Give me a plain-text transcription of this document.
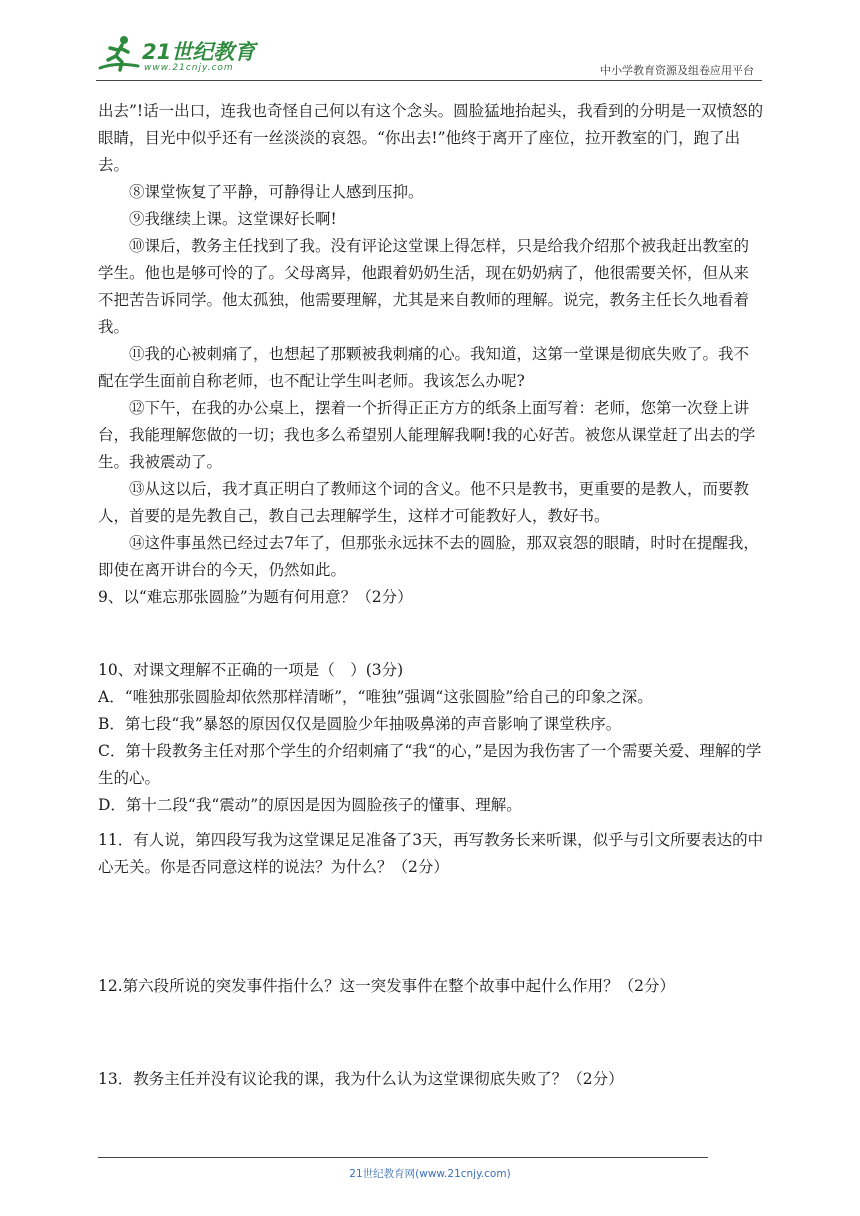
21世纪教育
www.21cnjy.com	中小学教育资源及组卷应用平台

出去”!话一出口，连我也奇怪自己何以有这个念头。圆脸猛地抬起头，我看到的分明是一双愤怒的眼睛，目光中似乎还有一丝淡淡的哀怨。“你出去!”他终于离开了座位，拉开教室的门，跑了出去。

⑧课堂恢复了平静，可静得让人感到压抑。

⑨我继续上课。这堂课好长啊!

⑩课后，教务主任找到了我。没有评论这堂课上得怎样，只是给我介绍那个被我赶出教室的学生。他也是够可怜的了。父母离异，他跟着奶奶生活，现在奶奶病了，他很需要关怀，但从来不把苦告诉同学。他太孤独，他需要理解，尤其是来自教师的理解。说完，教务主任长久地看着我。

⑪我的心被刺痛了，也想起了那颗被我刺痛的心。我知道，这第一堂课是彻底失败了。我不配在学生面前自称老师，也不配让学生叫老师。我该怎么办呢?

⑫下午，在我的办公桌上，摆着一个折得正正方方的纸条上面写着：老师，您第一次登上讲台，我能理解您做的一切；我也多么希望别人能理解我啊!我的心好苦。被您从课堂赶了出去的学生。我被震动了。

⑬从这以后，我才真正明白了教师这个词的含义。他不只是教书，更重要的是教人，而要教人，首要的是先教自己，教自己去理解学生，这样才可能教好人，教好书。

⑭这件事虽然已经过去7年了，但那张永远抹不去的圆脸，那双哀怨的眼睛，时时在提醒我，即使在离开讲台的今天，仍然如此。

9、以“难忘那张圆脸”为题有何用意？（2分）

10、对课文理解不正确的一项是（　）(3分)

A．“唯独那张圆脸却依然那样清晰”，“唯独”强调“这张圆脸”给自己的印象之深。

B．第七段“我”暴怒的原因仅仅是圆脸少年抽吸鼻涕的声音影响了课堂秩序。

C．第十段教务主任对那个学生的介绍刺痛了“我“的心，”是因为我伤害了一个需要关爱、理解的学生的心。

D．第十二段“我“震动”的原因是因为圆脸孩子的懂事、理解。

11．有人说，第四段写我为这堂课足足准备了3天，再写教务长来听课，似乎与引文所要表达的中心无关。你是否同意这样的说法？为什么？（2分）

12.第六段所说的突发事件指什么？这一突发事件在整个故事中起什么作用？（2分）

13．教务主任并没有议论我的课，我为什么认为这堂课彻底失败了？（2分）

21世纪教育网(www.21cnjy.com)
